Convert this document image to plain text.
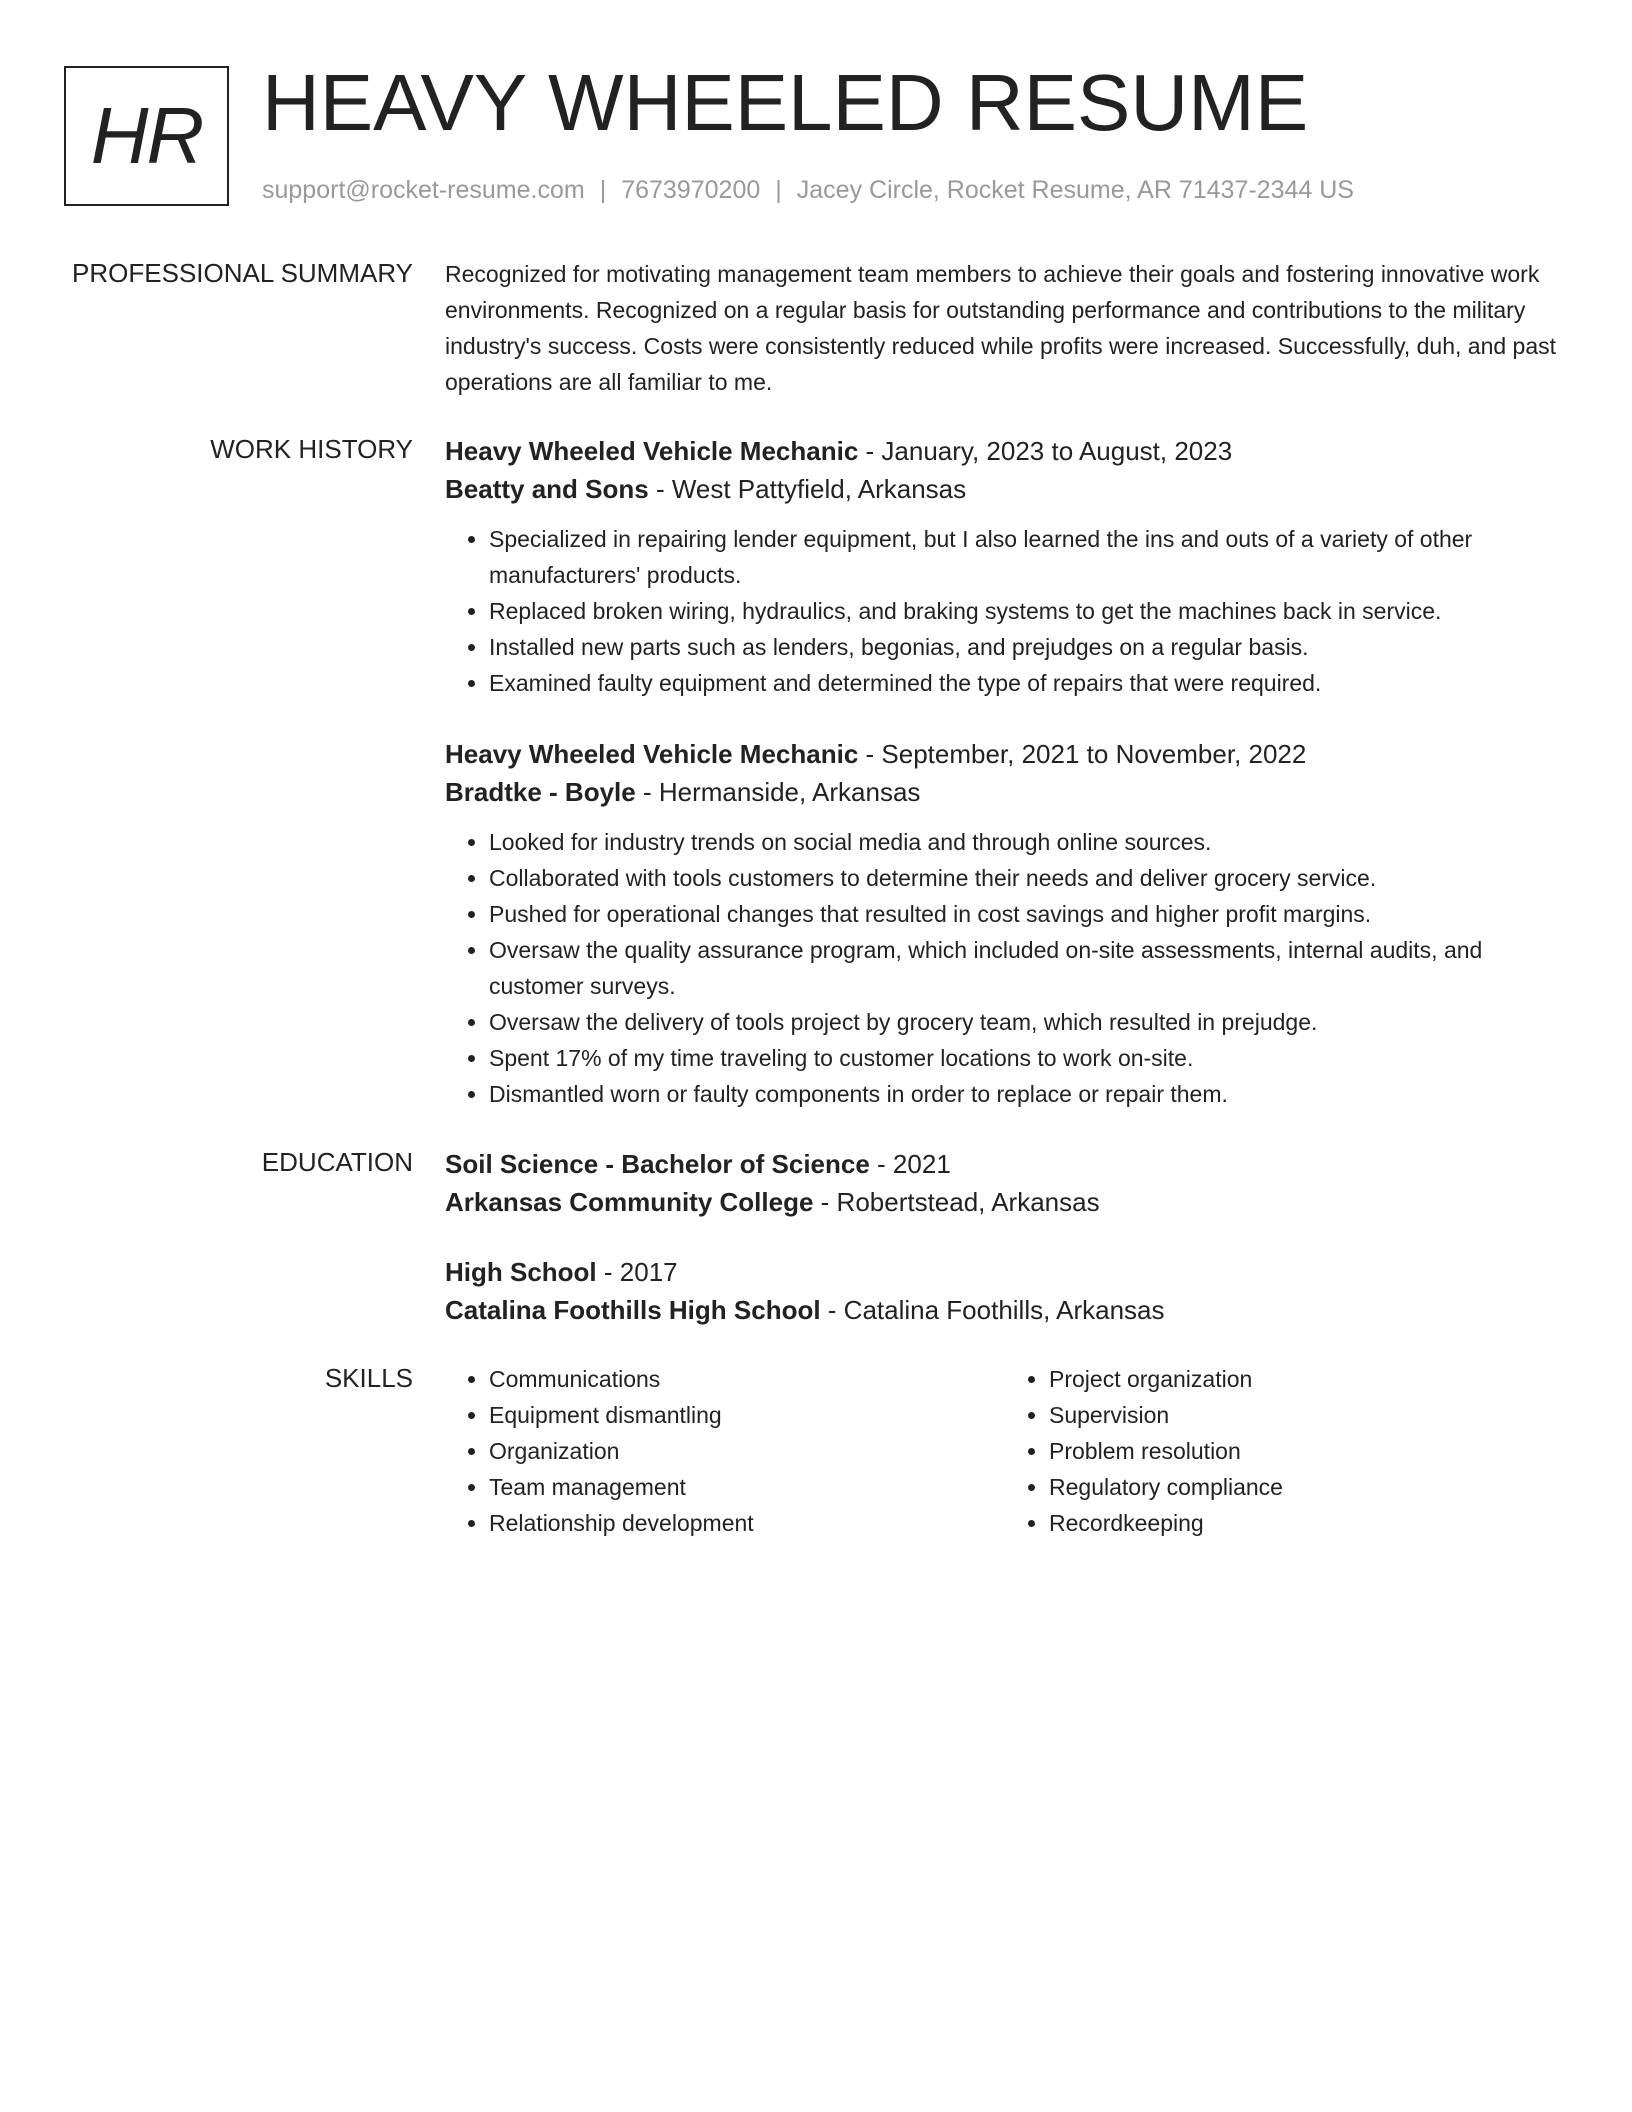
HR HEAVY WHEELED RESUME
support@rocket-resume.com | 7673970200 | Jacey Circle, Rocket Resume, AR 71437-2344 US
PROFESSIONAL SUMMARY Recognized for motivating management team members to achieve their goals and fostering innovative work environments. Recognized on a regular basis for outstanding performance and contributions to the military industry's success. Costs were consistently reduced while profits were increased. Successfully, duh, and past operations are all familiar to me.

WORK HISTORY Heavy Wheeled Vehicle Mechanic - January, 2023 to August, 2023

Beatty and Sons - West Pattyfield, Arkansas

• Specialized in repairing lender equipment, but I also learned the ins and outs of a variety of other manufacturers' products.
• Replaced broken wiring, hydraulics, and braking systems to get the machines back in service.
• Installed new parts such as lenders, begonias, and prejudges on a regular basis.
• Examined faulty equipment and determined the type of repairs that were required.

Heavy Wheeled Vehicle Mechanic - September, 2021 to November, 2022

Bradtke - Boyle - Hermanside, Arkansas

• Looked for industry trends on social media and through online sources.
• Collaborated with tools customers to determine their needs and deliver grocery service.
• Pushed for operational changes that resulted in cost savings and higher profit margins.
• Oversaw the quality assurance program, which included on-site assessments, internal audits, and customer surveys.
• Oversaw the delivery of tools project by grocery team, which resulted in prejudge.
• Spent 17% of my time traveling to customer locations to work on-site.
• Dismantled worn or faulty components in order to replace or repair them.
EDUCATION Soil Science - Bachelor of Science - 2021

Arkansas Community College - Robertstead, Arkansas

High School - 2017

Catalina Foothills High School - Catalina Foothills, Arkansas

SKILLS
•	Communications
• Equipment dismantling
• Organization
• Team management
• Relationship development
• Project organization
• Supervision
• Problem resolution
• Regulatory compliance
• Recordkeeping
